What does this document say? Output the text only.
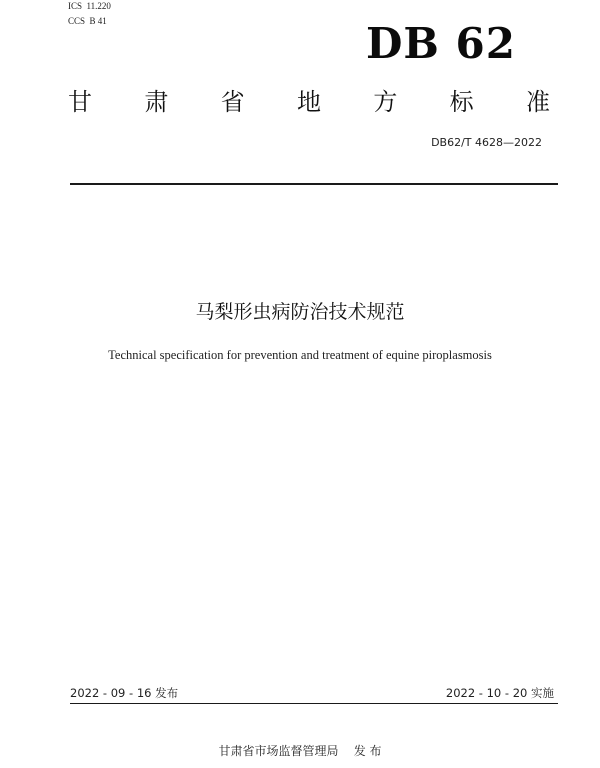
ICS  11.220
CCS  B 41	DB 62
甘 肃 省 地 方 标 准
DB62/T 4628—2022
马梨形虫病防治技术规范
Technical specification for prevention and treatment of equine piroplasmosis
2022 - 09 - 16 发布	2022 - 10 - 20 实施
甘肃省市场监督管理局    发 布
